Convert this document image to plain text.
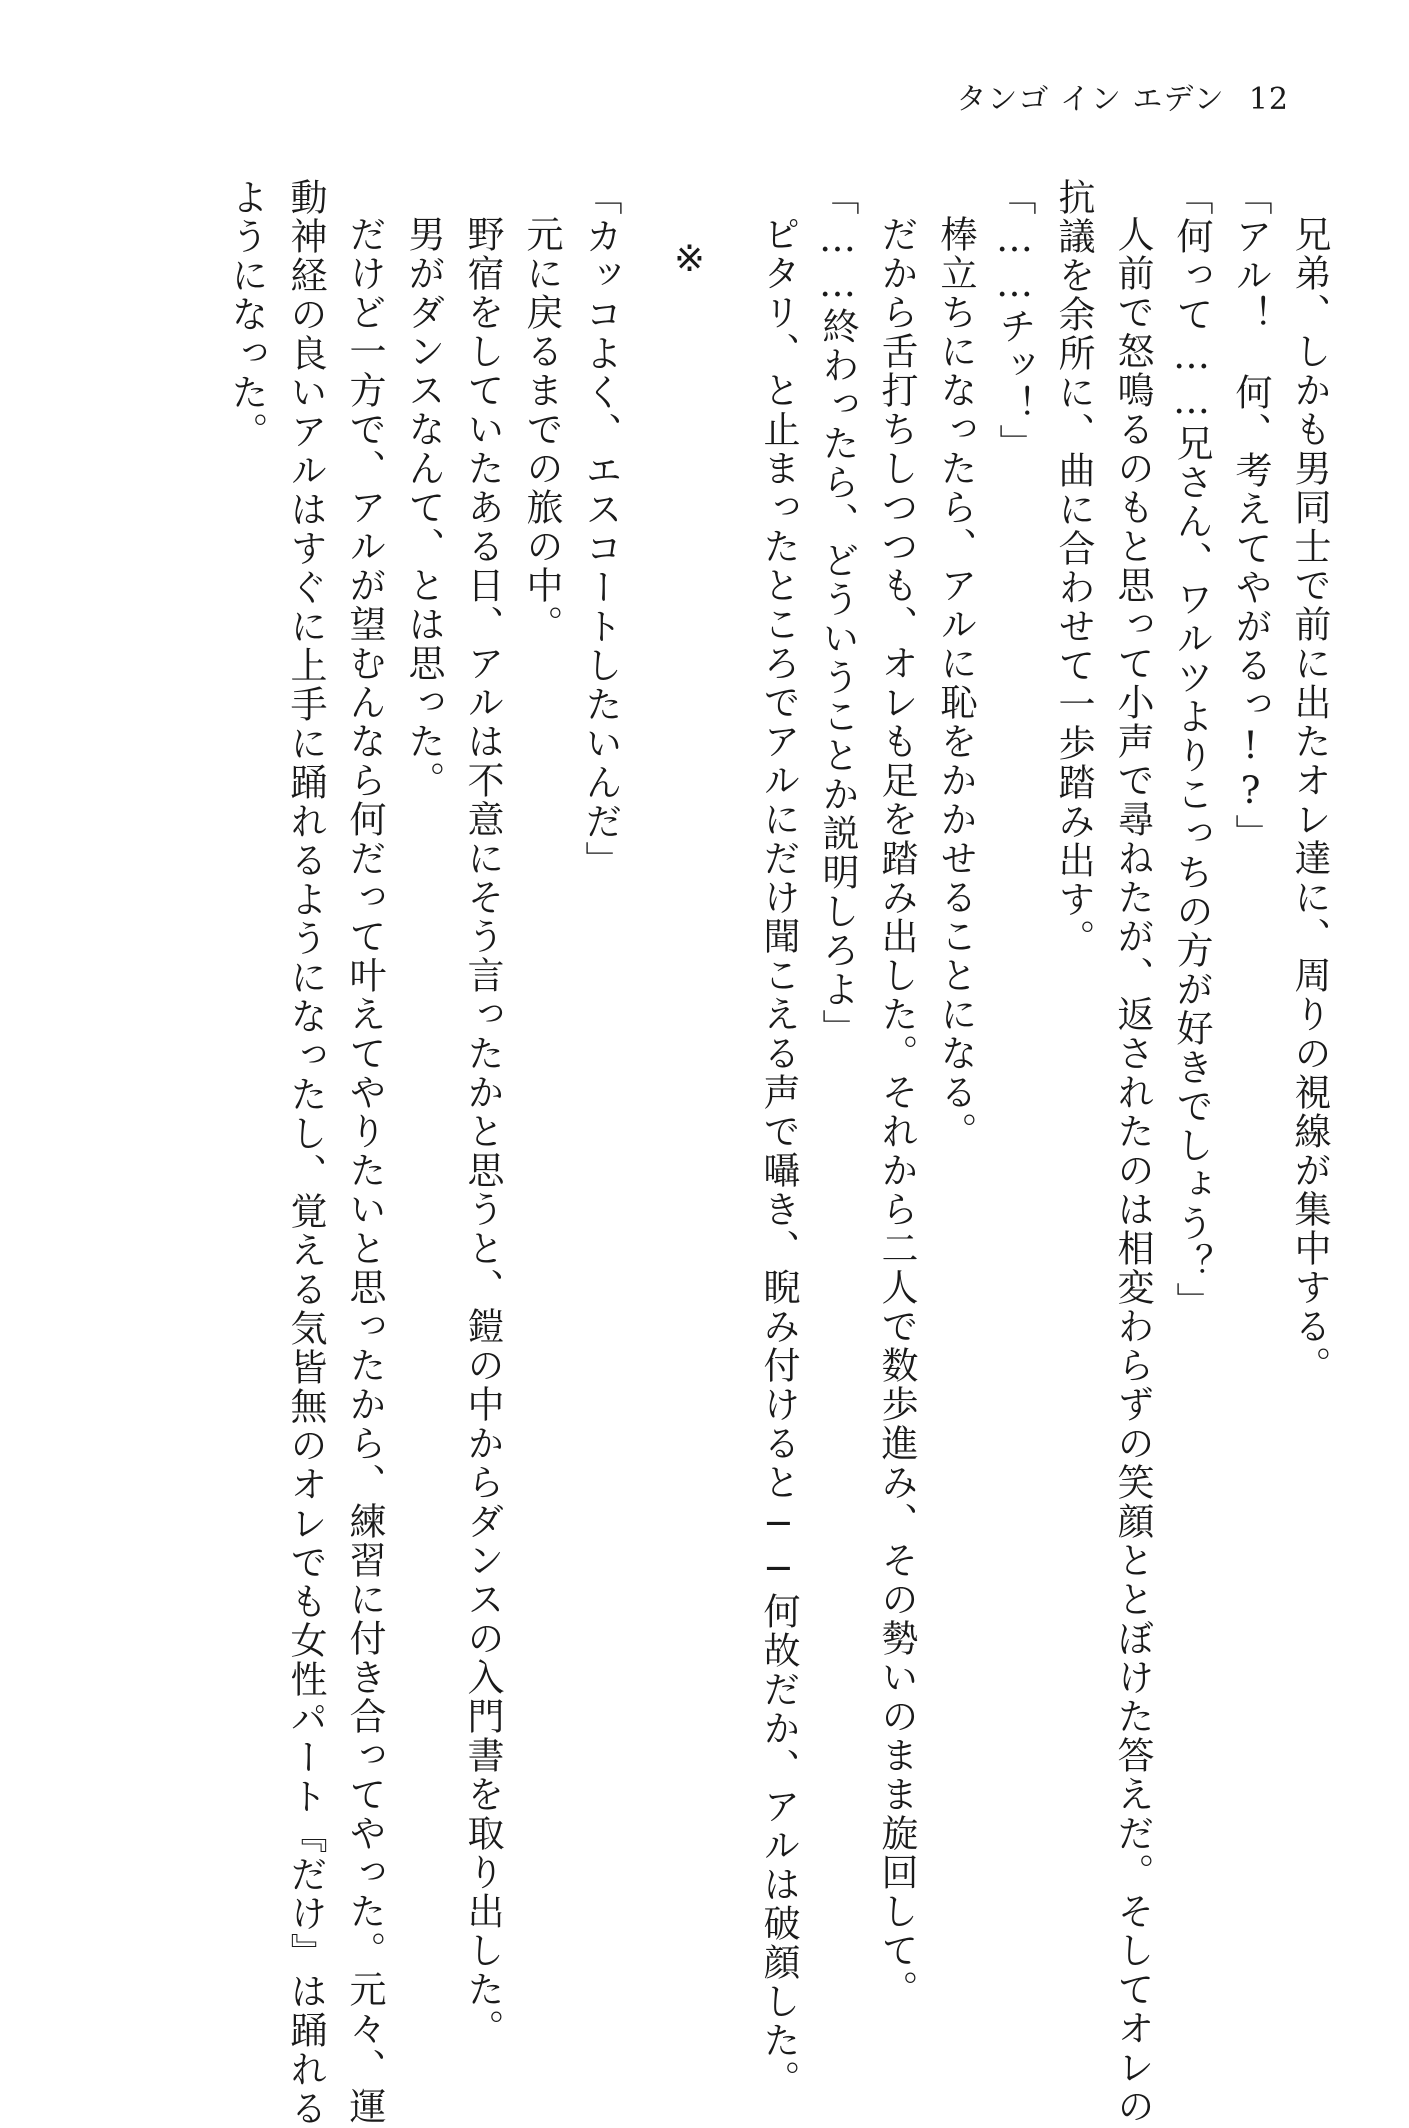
タンゴ イン エデン 12
兄弟、しかも男同士で前に出たオレ達に、周りの視線が集中する。
「アル！　何、考えてやがるっ!?」
「何って……兄さん、ワルツよりこっちの方が好きでしょう？」
人前で怒鳴るのもと思って小声で尋ねたが、返されたのは相変わらずの笑顔ととぼけた答えだ。そしてオレの
抗議を余所に、曲に合わせて一歩踏み出す。
「……チッ！」
棒立ちになったら、アルに恥をかかせることになる。
だから舌打ちしつつも、オレも足を踏み出した。それから二人で数歩進み、その勢いのまま旋回して。
「……終わったら、どういうことか説明しろよ」
ピタリ、と止まったところでアルにだけ聞こえる声で囁き、睨み付けると──何故だか、アルは破顔した。
※
「カッコよく、エスコートしたいんだ」
元に戻るまでの旅の中。
野宿をしていたある日、アルは不意にそう言ったかと思うと、鎧の中からダンスの入門書を取り出した。
男がダンスなんて、とは思った。
だけど一方で、アルが望むんなら何だって叶えてやりたいと思ったから、練習に付き合ってやった。元々、運
動神経の良いアルはすぐに上手に踊れるようになったし、覚える気皆無のオレでも女性パート『だけ』は踊れる
ようになった。
